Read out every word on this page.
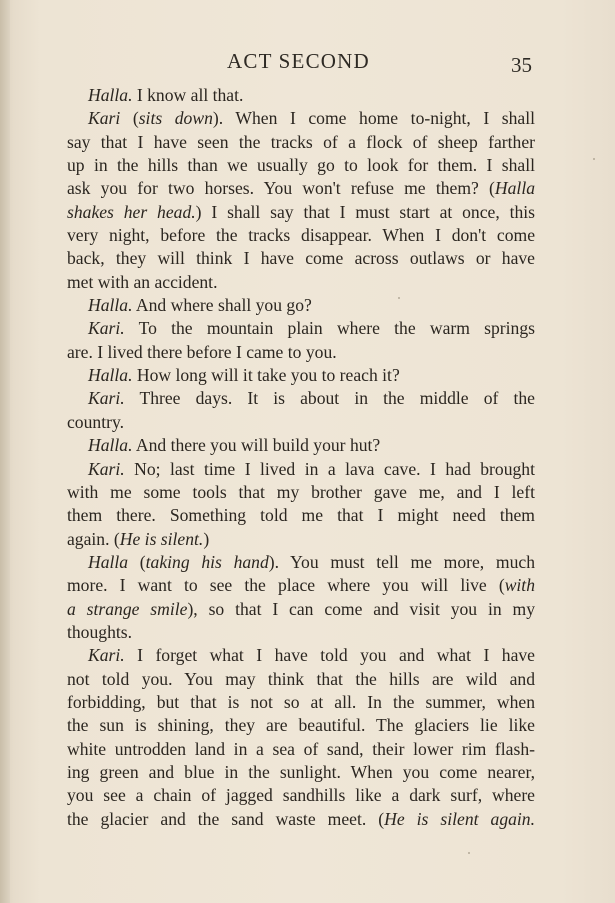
ACT SECOND	35
Halla. I know all that.
Kari (sits down). When I come home to-night, I shall
say that I have seen the tracks of a flock of sheep farther
up in the hills than we usually go to look for them. I shall
ask you for two horses. You won't refuse me them? (Halla
shakes her head.) I shall say that I must start at once, this
very night, before the tracks disappear. When I don't come
back, they will think I have come across outlaws or have
met with an accident.
Halla. And where shall you go?
Kari. To the mountain plain where the warm springs
are. I lived there before I came to you.
Halla. How long will it take you to reach it?
Kari. Three days. It is about in the middle of the
country.
Halla. And there you will build your hut?
Kari. No; last time I lived in a lava cave. I had brought
with me some tools that my brother gave me, and I left
them there. Something told me that I might need them
again. (He is silent.)
Halla (taking his hand). You must tell me more, much
more. I want to see the place where you will live (with
a strange smile), so that I can come and visit you in my
thoughts.
Kari. I forget what I have told you and what I have
not told you. You may think that the hills are wild and
forbidding, but that is not so at all. In the summer, when
the sun is shining, they are beautiful. The glaciers lie like
white untrodden land in a sea of sand, their lower rim flash-
ing green and blue in the sunlight. When you come nearer,
you see a chain of jagged sandhills like a dark surf, where
the glacier and the sand waste meet. (He is silent again.
